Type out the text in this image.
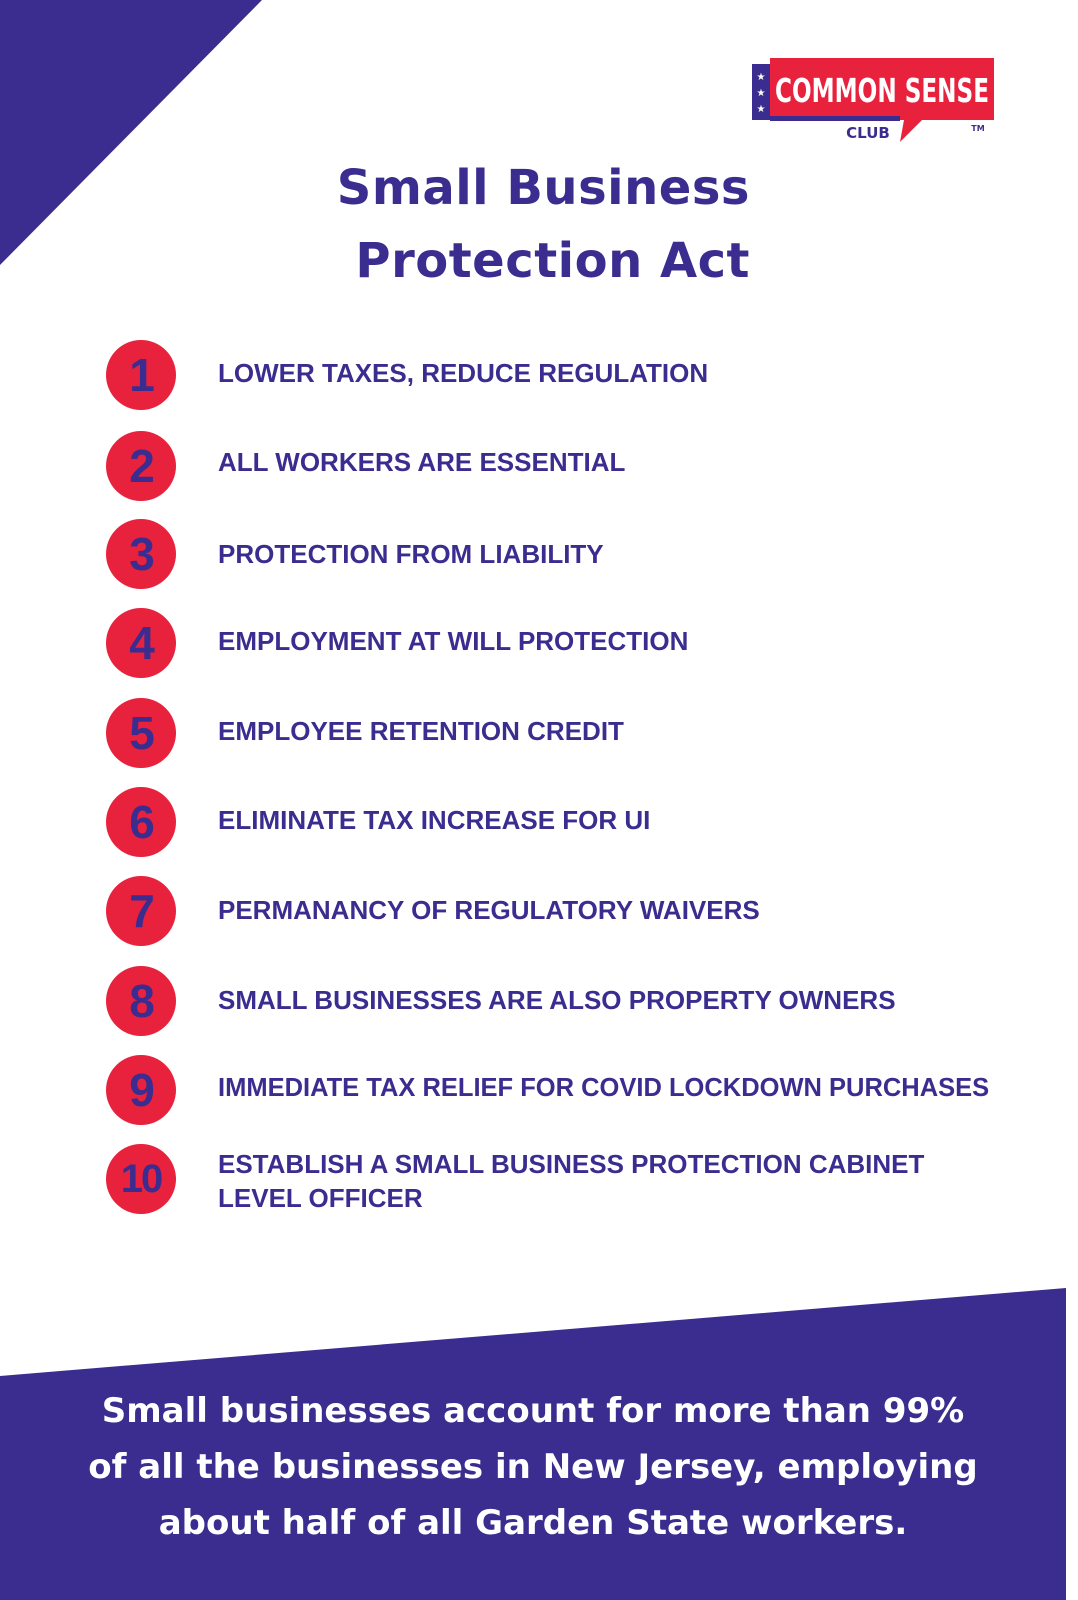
★
★
★ COMMON SENSE
CLUB	TM
Small Business
Protection Act
1	LOWER TAXES, REDUCE REGULATION
2	ALL WORKERS ARE ESSENTIAL
3	PROTECTION FROM LIABILITY
4	EMPLOYMENT AT WILL PROTECTION
5	EMPLOYEE RETENTION CREDIT
6	ELIMINATE TAX INCREASE FOR UI
7	PERMANANCY OF REGULATORY WAIVERS
8	SMALL BUSINESSES ARE ALSO PROPERTY OWNERS
9	IMMEDIATE TAX RELIEF FOR COVID LOCKDOWN PURCHASES
10	ESTABLISH A SMALL BUSINESS PROTECTION CABINET LEVEL OFFICER
Small businesses account for more than 99%
of all the businesses in New Jersey, employing
about half of all Garden State workers.
